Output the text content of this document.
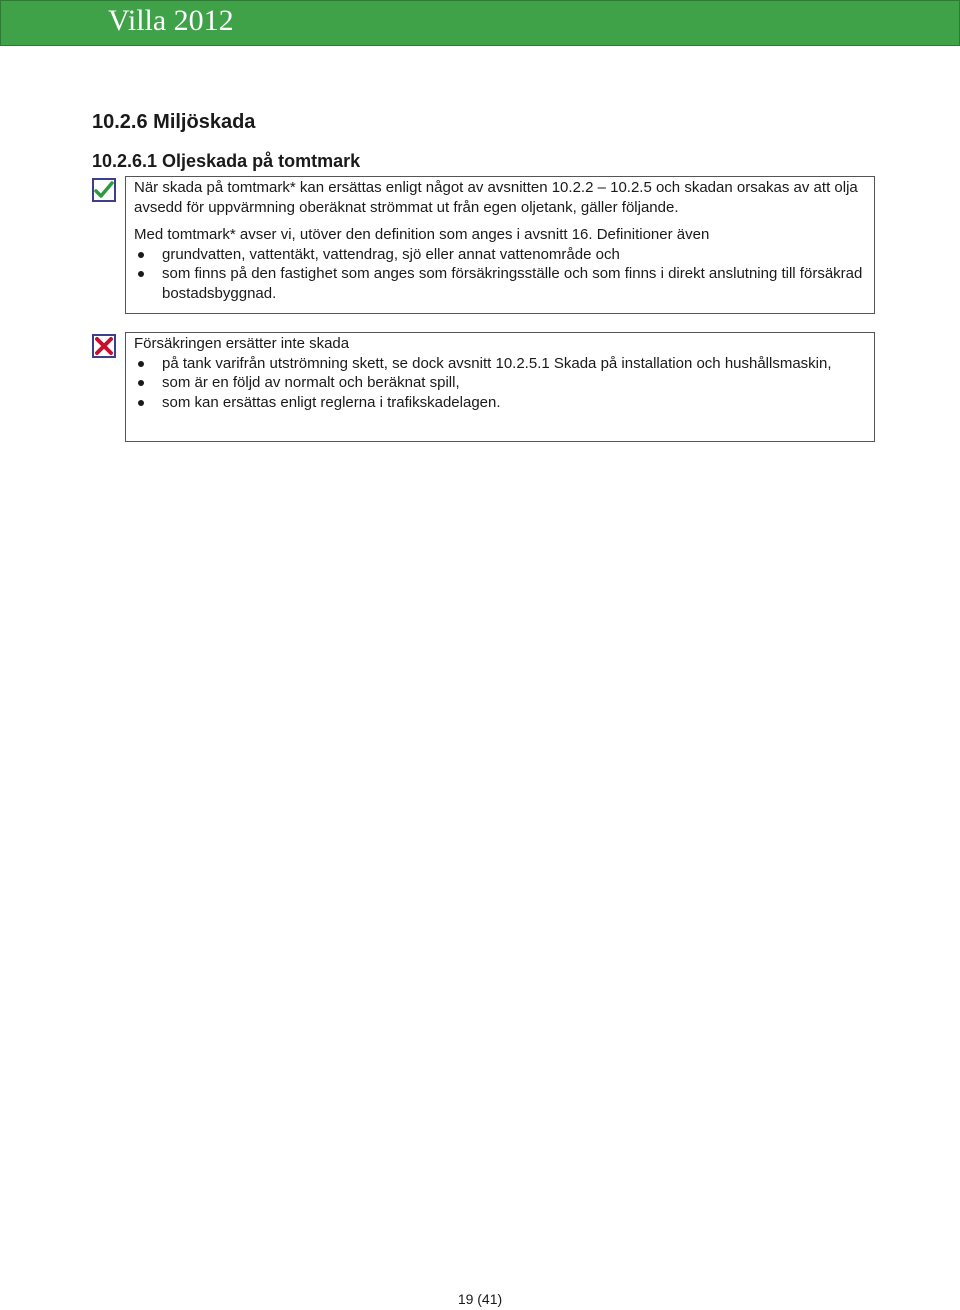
Villa 2012
10.2.6 Miljöskada
10.2.6.1 Oljeskada på tomtmark

När skada på tomtmark* kan ersättas enligt något av avsnitten 10.2.2 – 10.2.5 och skadan orsakas av att olja avsedd för uppvärmning oberäknat strömmat ut från egen oljetank, gäller följande.

Med tomtmark* avser vi, utöver den definition som anges i avsnitt 16. Definitioner även

grundvatten, vattentäkt, vattendrag, sjö eller annat vattenområde och
som finns på den fastighet som anges som försäkringsställe och som finns i direkt anslutning till försäkrad bostadsbyggnad.

Försäkringen ersätter inte skada

på tank varifrån utströmning skett, se dock avsnitt 10.2.5.1 Skada på installation och hushållsmaskin,
som är en följd av normalt och beräknat spill,
som kan ersättas enligt reglerna i trafikskadelagen.
19 (41)
